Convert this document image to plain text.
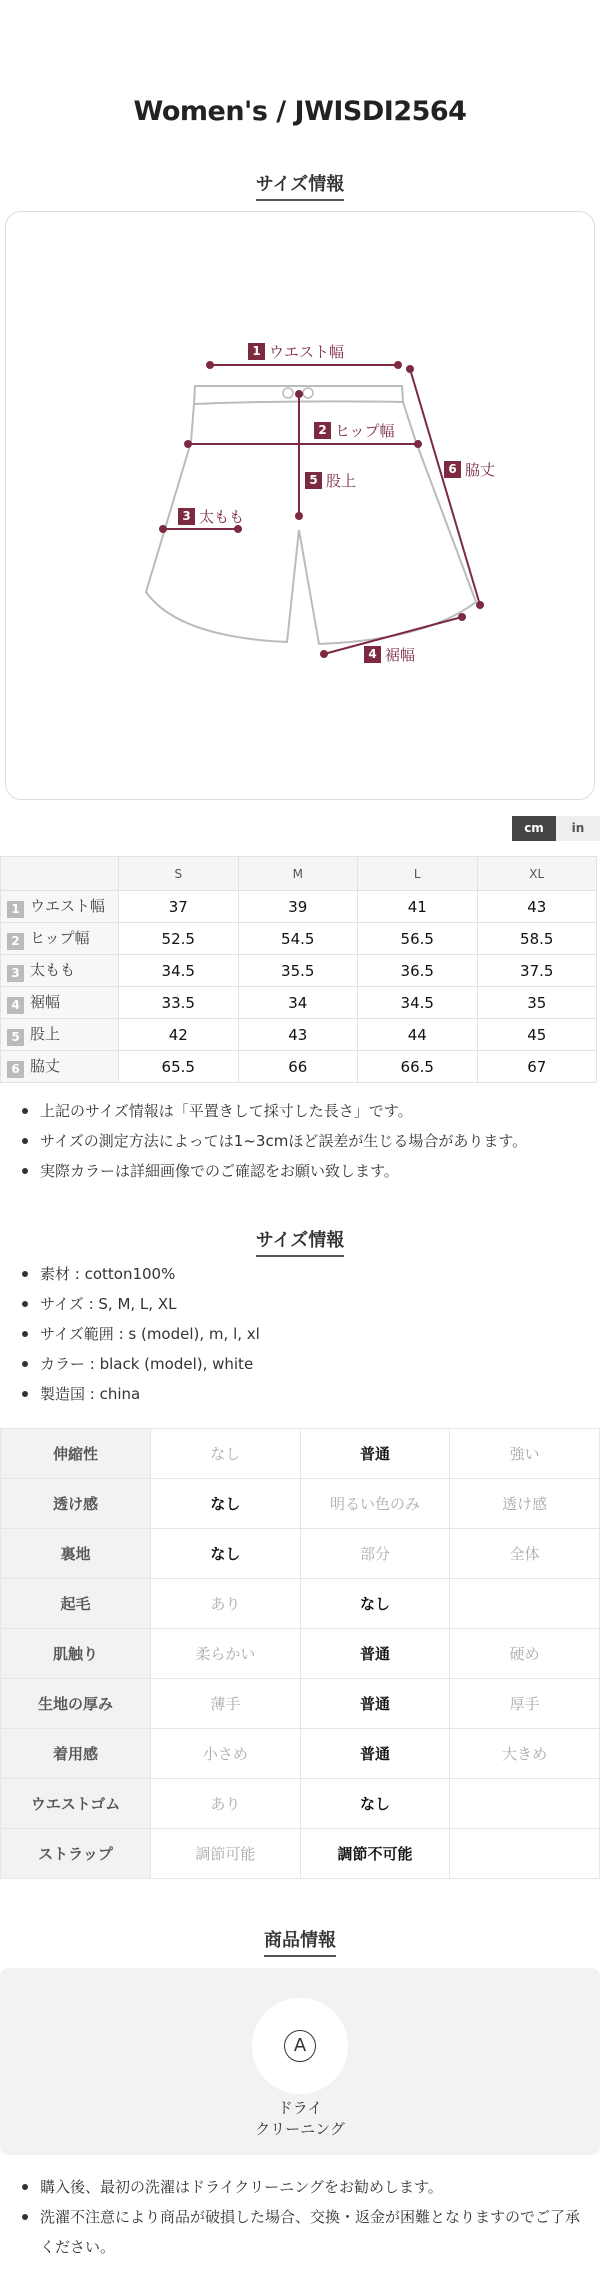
Women's / JWISDI2564
サイズ情報
1 ウエスト幅
2 ヒップ幅
3 太もも
4 裾幅
5 股上
6 脇丈
cm	in
	S	M	L	XL
1 ウエスト幅	37	39	41	43
2 ヒップ幅	52.5	54.5	56.5	58.5
3 太もも	34.5	35.5	36.5	37.5
4 裾幅	33.5	34	34.5	35
5 股上	42	43	44	45
6 脇丈	65.5	66	66.5	67
上記のサイズ情報は「平置きして採寸した長さ」です。
サイズの測定方法によっては1~3cmほど誤差が生じる場合があります。
実際カラーは詳細画像でのご確認をお願い致します。
サイズ情報
素材 : cotton100%
サイズ : S, M, L, XL
サイズ範囲 : s (model), m, l, xl
カラー : black (model), white
製造国 : china
伸縮性	なし	普通	強い
透け感	なし	明るい色のみ	透け感
裏地	なし	部分	全体
起毛	あり	なし	
肌触り	柔らかい	普通	硬め
生地の厚み	薄手	普通	厚手
着用感	小さめ	普通	大きめ
ウエストゴム	あり	なし	
ストラップ	調節可能	調節不可能	
商品情報
A
ドライ
クリーニング
購入後、最初の洗濯はドライクリーニングをお勧めします。
洗濯不注意により商品が破損した場合、交換・返金が困難となりますのでご了承ください。
